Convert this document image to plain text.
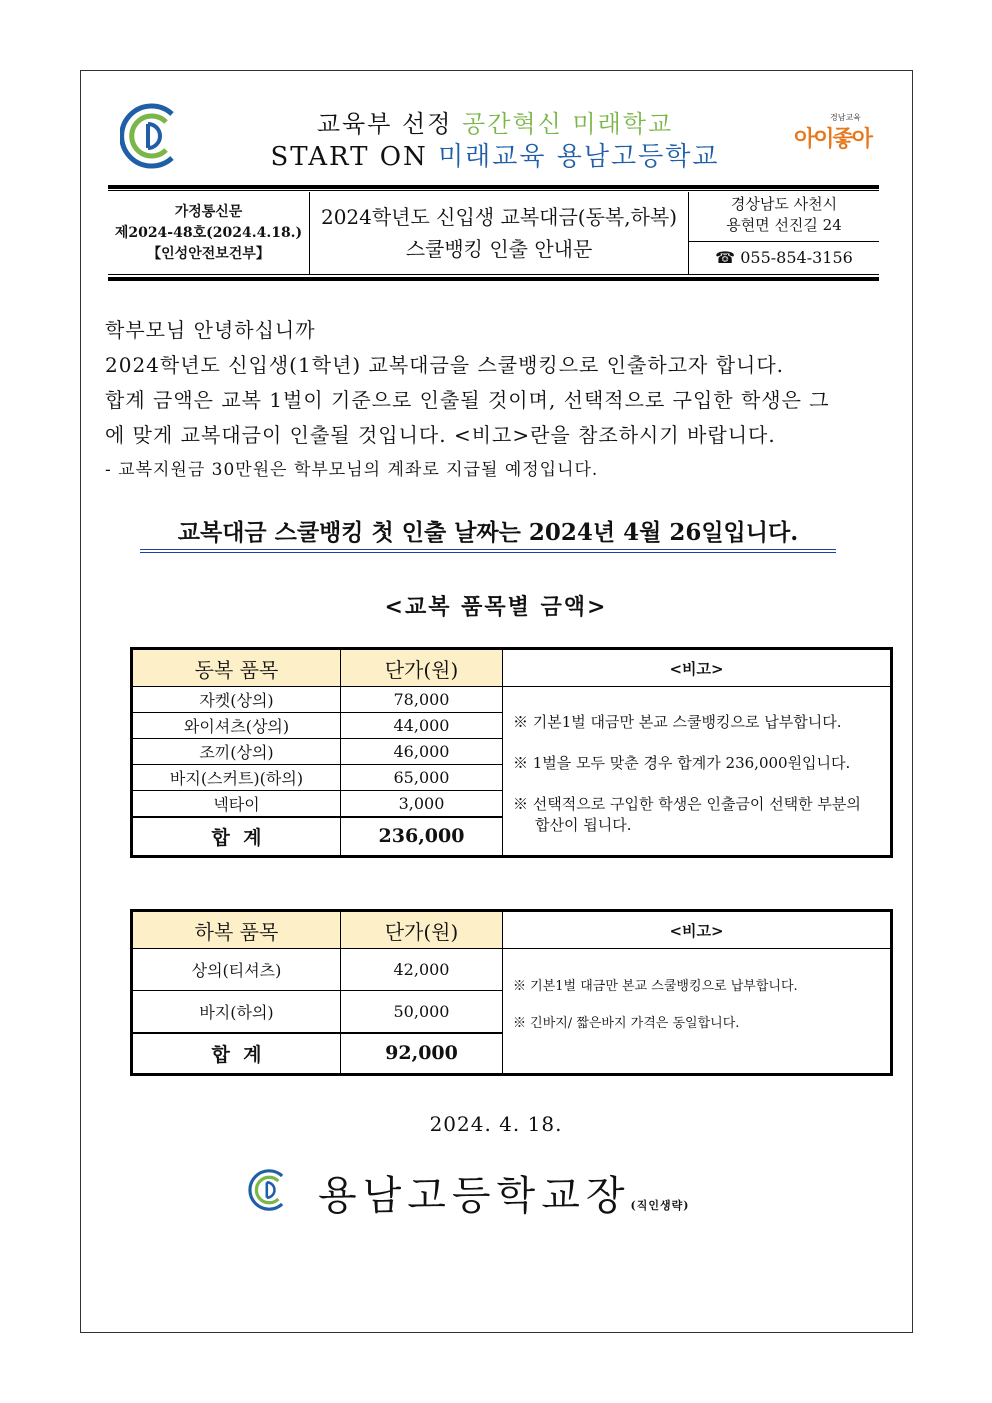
교육부 선정 공간혁신 미래학교
START ON 미래교육 용남고등학교
경남교육
아이좋아
가정통신문
제2024-48호(2024.4.18.)
【인성안전보건부】
2024학년도 신입생 교복대금(동복,하복)
스쿨뱅킹 인출 안내문
경상남도 사천시
용현면 선진길 24
☎ 055-854-3156

학부모님 안녕하십니까

2024학년도 신입생(1학년) 교복대금을 스쿨뱅킹으로 인출하고자 합니다.

합계 금액은 교복 1벌이 기준으로 인출될 것이며, 선택적으로 구입한 학생은 그

에 맞게 교복대금이 인출될 것입니다. <비고>란을 참조하시기 바랍니다.

- 교복지원금 30만원은 학부모님의 계좌로 지급될 예정입니다.

교복대금 스쿨뱅킹 첫 인출 날짜는 2024년 4월 26일입니다.
<교복 품목별 금액>
동복 품목	단가(원)	<비고>
자켓(상의)	78,000	※ 기본1벌 대금만 본교 스쿨뱅킹으로 납부합니다.
※ 1벌을 모두 맞춘 경우 합계가 236,000원입니다.
※ 선택적으로 구입한 학생은 인출금이 선택한 부분의 합산이 됩니다.

와이셔츠(상의)	44,000	
조끼(상의)	46,000	
바지(스커트)(하의)	65,000	
넥타이	3,000	
합  계	236,000	
하복 품목	단가(원)	<비고>
상의(티셔츠)	42,000	※ 기본1벌 대금만 본교 스쿨뱅킹으로 납부합니다.
※ 긴바지/ 짧은바지 가격은 동일합니다.

바지(하의)	50,000	
합  계	92,000	
2024. 4. 18.
용남고등학교장(직인생략)
